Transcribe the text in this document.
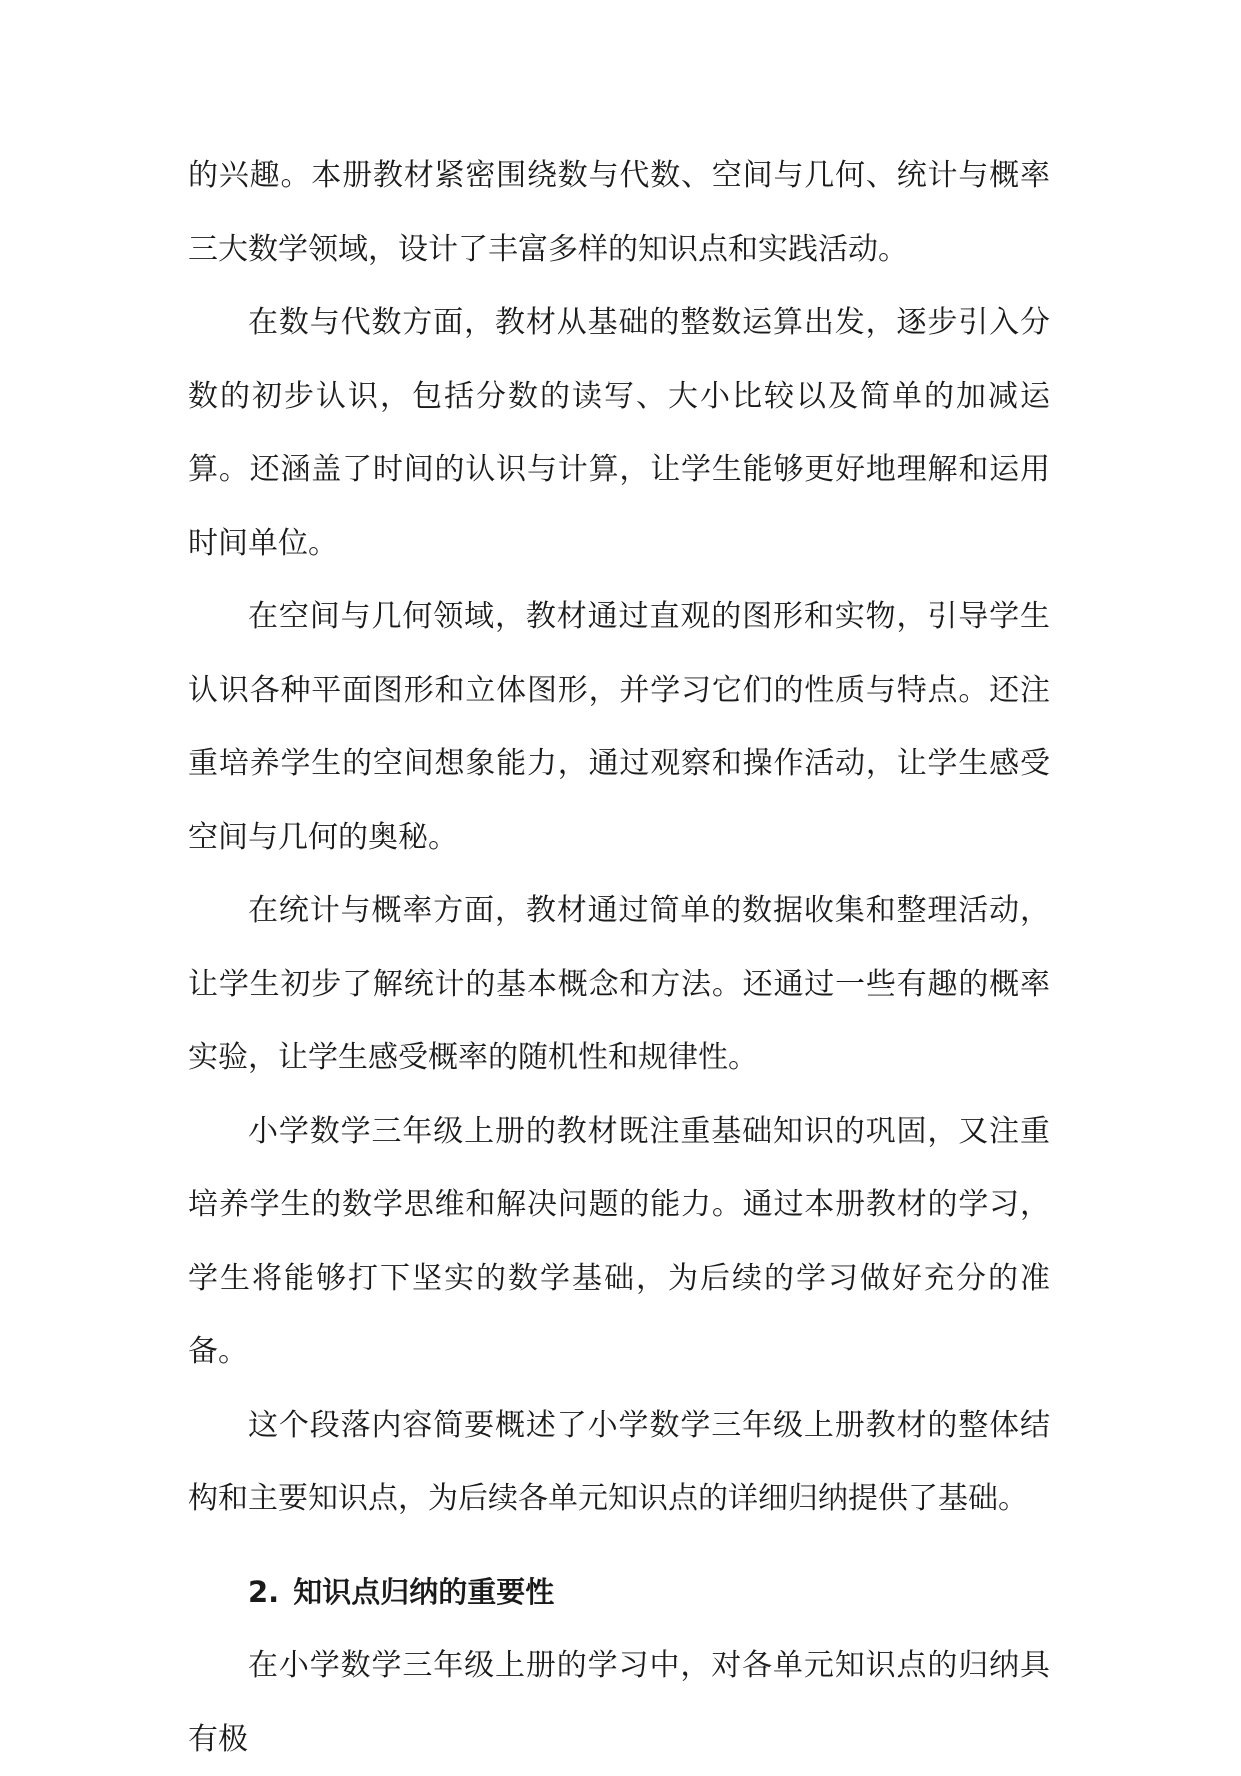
的兴趣。本册教材紧密围绕数与代数、空间与几何、统计与概率三大数学领域，设计了丰富多样的知识点和实践活动。

在数与代数方面，教材从基础的整数运算出发，逐步引入分数的初步认识，包括分数的读写、大小比较以及简单的加减运算。还涵盖了时间的认识与计算，让学生能够更好地理解和运用时间单位。

在空间与几何领域，教材通过直观的图形和实物，引导学生认识各种平面图形和立体图形，并学习它们的性质与特点。还注重培养学生的空间想象能力，通过观察和操作活动，让学生感受空间与几何的奥秘。

在统计与概率方面，教材通过简单的数据收集和整理活动，让学生初步了解统计的基本概念和方法。还通过一些有趣的概率实验，让学生感受概率的随机性和规律性。

小学数学三年级上册的教材既注重基础知识的巩固，又注重培养学生的数学思维和解决问题的能力。通过本册教材的学习，学生将能够打下坚实的数学基础，为后续的学习做好充分的准备。

这个段落内容简要概述了小学数学三年级上册教材的整体结构和主要知识点，为后续各单元知识点的详细归纳提供了基础。

2. 知识点归纳的重要性

在小学数学三年级上册的学习中，对各单元知识点的归纳具有极
